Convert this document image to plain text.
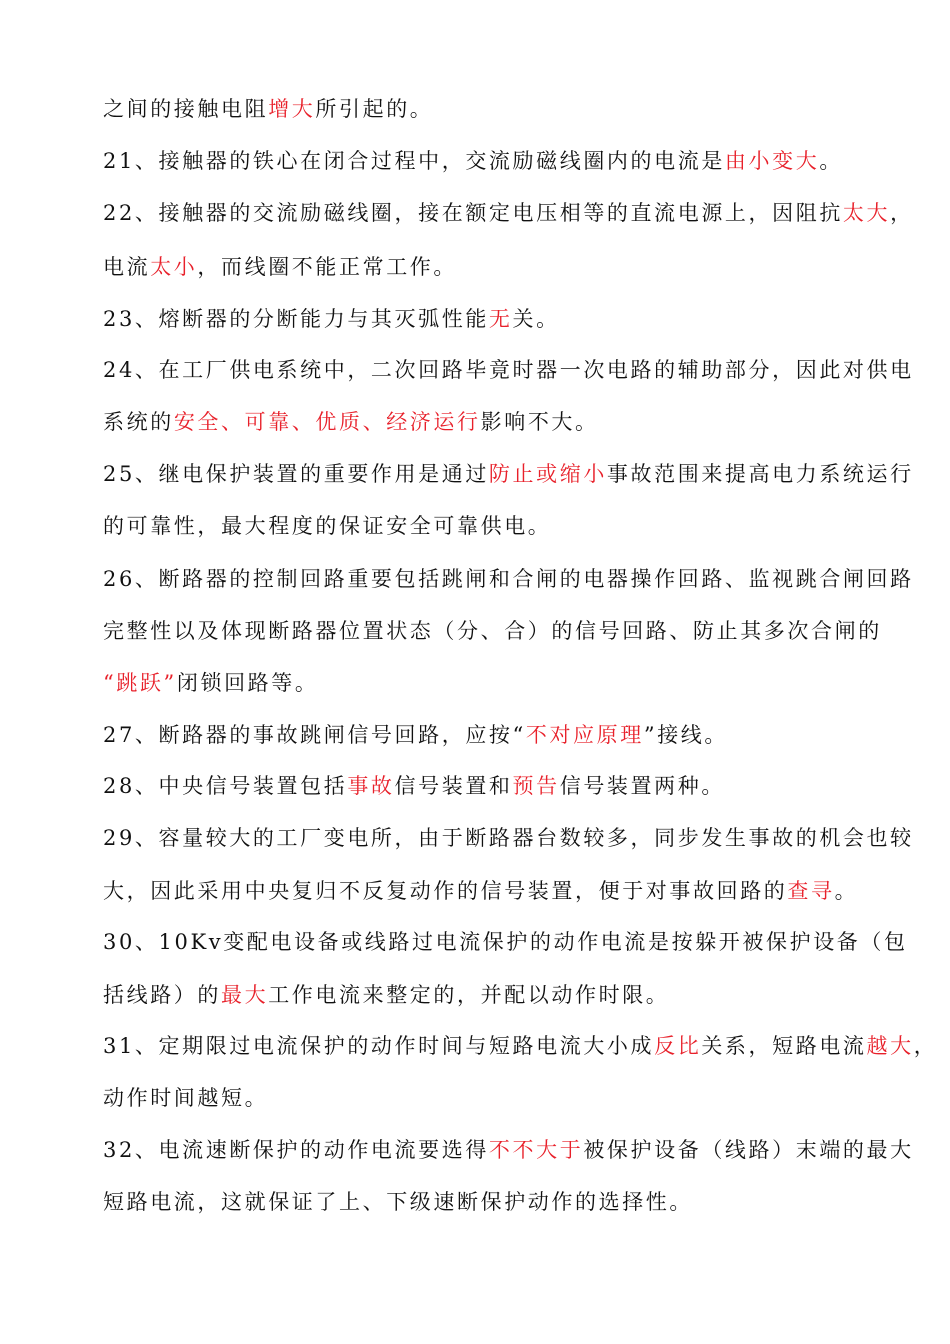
之间的接触电阻增大所引起的。
21、接触器的铁心在闭合过程中，交流励磁线圈内的电流是由小变大。
22、接触器的交流励磁线圈，接在额定电压相等的直流电源上，因阻抗太大，
电流太小，而线圈不能正常工作。
23、熔断器的分断能力与其灭弧性能无关。
24、在工厂供电系统中，二次回路毕竟时器一次电路的辅助部分，因此对供电
系统的安全、可靠、优质、经济运行影响不大。
25、继电保护装置的重要作用是通过防止或缩小事故范围来提高电力系统运行
的可靠性，最大程度的保证安全可靠供电。
26、断路器的控制回路重要包括跳闸和合闸的电器操作回路、监视跳合闸回路
完整性以及体现断路器位置状态（分、合）的信号回路、防止其多次合闸的
“跳跃”闭锁回路等。
27、断路器的事故跳闸信号回路，应按“不对应原理”接线。
28、中央信号装置包括事故信号装置和预告信号装置两种。
29、容量较大的工厂变电所，由于断路器台数较多，同步发生事故的机会也较
大，因此采用中央复归不反复动作的信号装置，便于对事故回路的查寻。
30、10Kv变配电设备或线路过电流保护的动作电流是按躲开被保护设备（包
括线路）的最大工作电流来整定的，并配以动作时限。
31、定期限过电流保护的动作时间与短路电流大小成反比关系，短路电流越大，
动作时间越短。
32、电流速断保护的动作电流要选得不不大于被保护设备（线路）末端的最大
短路电流，这就保证了上、下级速断保护动作的选择性。
